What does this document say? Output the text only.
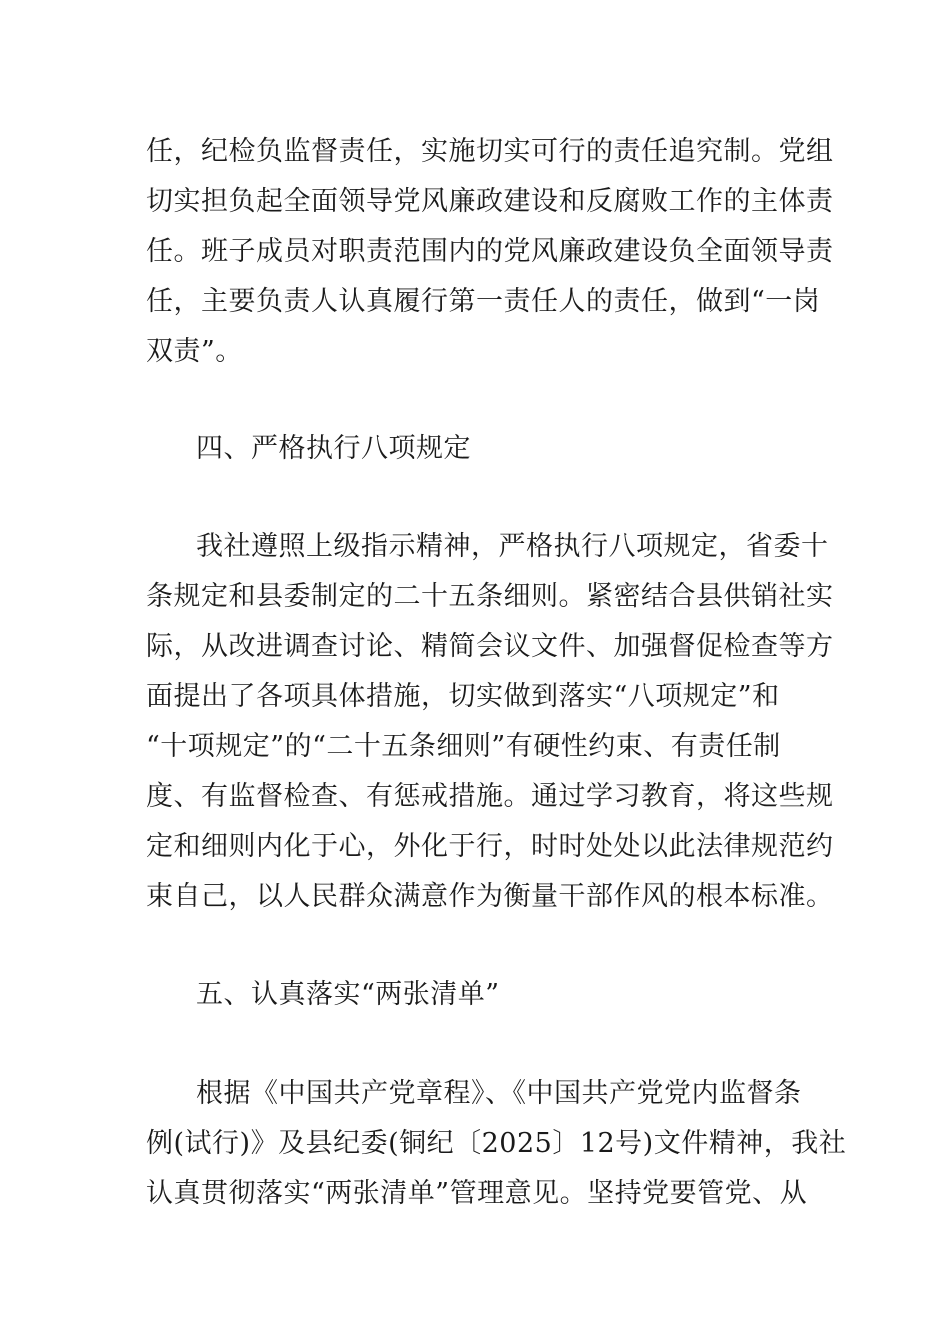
任，纪检负监督责任，实施切实可行的责任追究制。党组
切实担负起全面领导党风廉政建设和反腐败工作的主体责
任。班子成员对职责范围内的党风廉政建设负全面领导责
任，主要负责人认真履行第一责任人的责任，做到“一岗
双责”。
四、严格执行八项规定
我社遵照上级指示精神，严格执行八项规定，省委十
条规定和县委制定的二十五条细则。紧密结合县供销社实
际，从改进调查讨论、精简会议文件、加强督促检查等方
面提出了各项具体措施，切实做到落实“八项规定”和
“十项规定”的“二十五条细则”有硬性约束、有责任制
度、有监督检查、有惩戒措施。通过学习教育，将这些规
定和细则内化于心，外化于行，时时处处以此法律规范约
束自己，以人民群众满意作为衡量干部作风的根本标准。
五、认真落实“两张清单”
根据《中国共产党章程》、《中国共产党党内监督条
例(试行)》及县纪委(铜纪〔2025〕12号)文件精神，我社
认真贯彻落实“两张清单”管理意见。坚持党要管党、从
